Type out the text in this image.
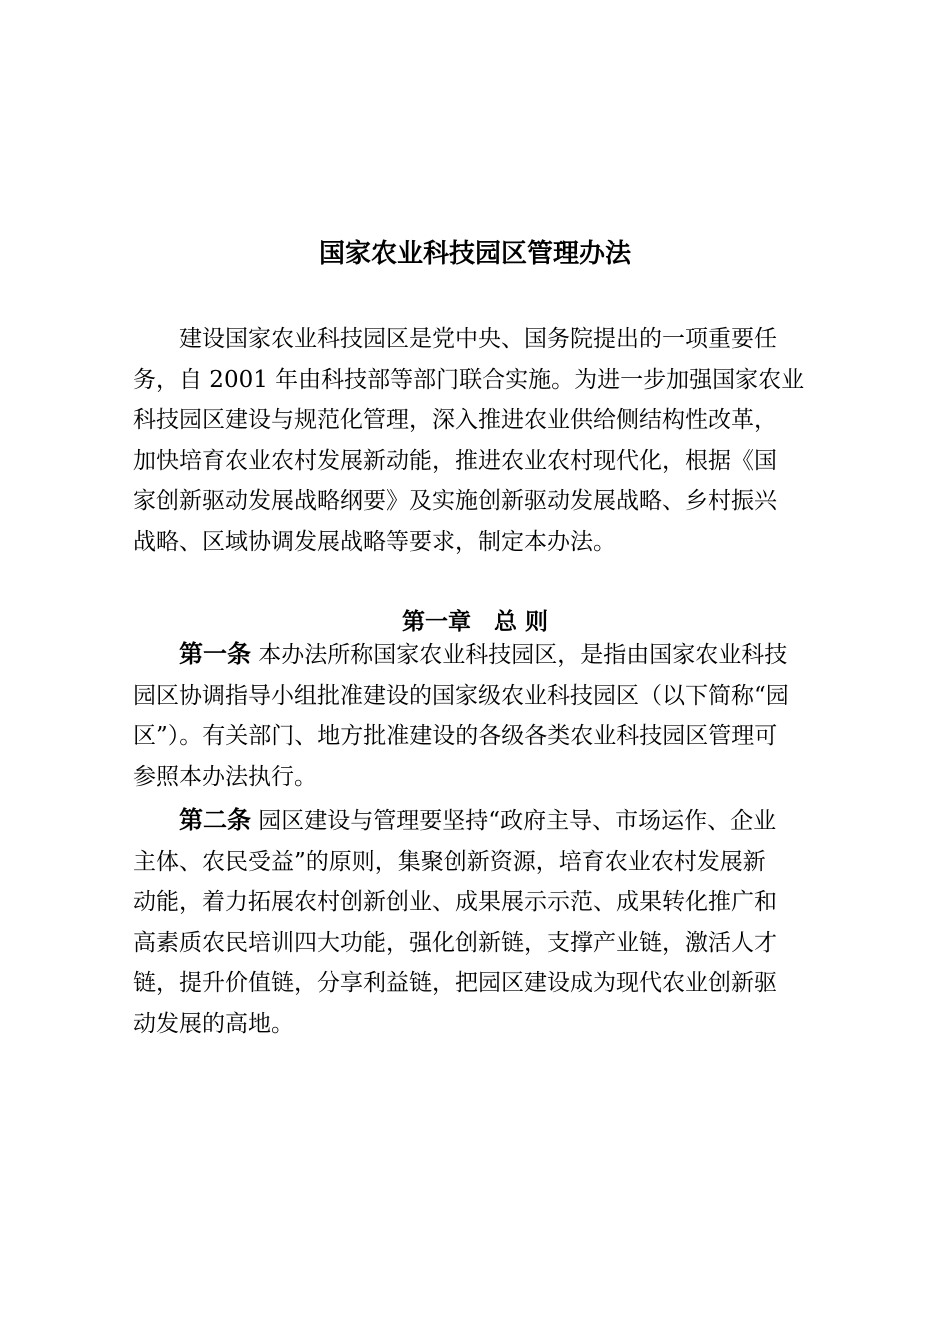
国家农业科技园区管理办法
建设国家农业科技园区是党中央、国务院提出的一项重要任
务，自 2001 年由科技部等部门联合实施。为进一步加强国家农业
科技园区建设与规范化管理，深入推进农业供给侧结构性改革，
加快培育农业农村发展新动能，推进农业农村现代化，根据《国
家创新驱动发展战略纲要》及实施创新驱动发展战略、乡村振兴
战略、区域协调发展战略等要求，制定本办法。
第一章　总 则
第一条 本办法所称国家农业科技园区，是指由国家农业科技
园区协调指导小组批准建设的国家级农业科技园区（以下简称“园
区”）。有关部门、地方批准建设的各级各类农业科技园区管理可
参照本办法执行。
第二条 园区建设与管理要坚持“政府主导、市场运作、企业
主体、农民受益”的原则，集聚创新资源，培育农业农村发展新
动能，着力拓展农村创新创业、成果展示示范、成果转化推广和
高素质农民培训四大功能，强化创新链，支撑产业链，激活人才
链，提升价值链，分享利益链，把园区建设成为现代农业创新驱
动发展的高地。
